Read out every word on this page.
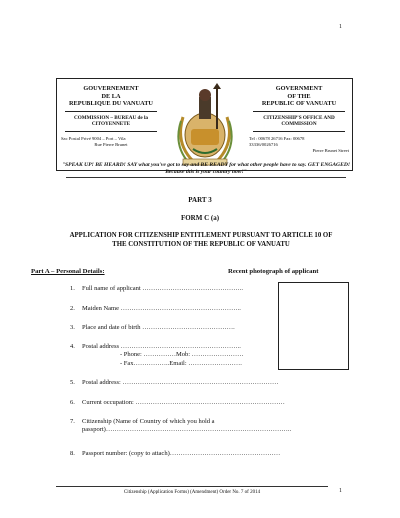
1
GOUVERNEMENT
DE LA
REPUBLIQUE DU VANUATU
COMMISSION – BUREAU de la CITOYENNETE
Sac Postal Privé 9004 – Port – Vila
Rue Pierre Brunet
GOVERNMENT
OF THE
REPUBLIC OF VANUATU
CITIZENSHIP'S OFFICE AND COMMISSION
Tel : 00678 26716 Fax: 00678
33336/0026716
Pierre Brunet Street
"SPEAK UP! BE HEARD! SAY what you've got to say and BE READY for what other people have to say. GET ENGAGED! Because this is your country now!"
PART 3
FORM C (a)
APPLICATION FOR CITIZENSHIP ENTITLEMENT PURSUANT TO ARTICLE 10 OF THE CONSTITUTION OF THE REPUBLIC OF VANUATU
Part A – Personal Details:	Recent photograph of applicant
1. Full name of applicant ………………………………………..
2. Maiden Name ………………………………………………..
3. Place and date of birth …………………………………….
4. Postal address ………………………………………………..
- Phone: ……………Mob: ……………………
- Fax……………..Email: …………………….
5. Postal address: ………………………………………………………………
6. Current occupation: ……………………………………………………………
7. Citizenship (Name of Country of which you hold a
passport)…………………………………………………………………………..
8. Passport number: (copy to attach)……………………………………………
Citizenship (Application Forms) (Amendment) Order No. 7 of 2014	1
